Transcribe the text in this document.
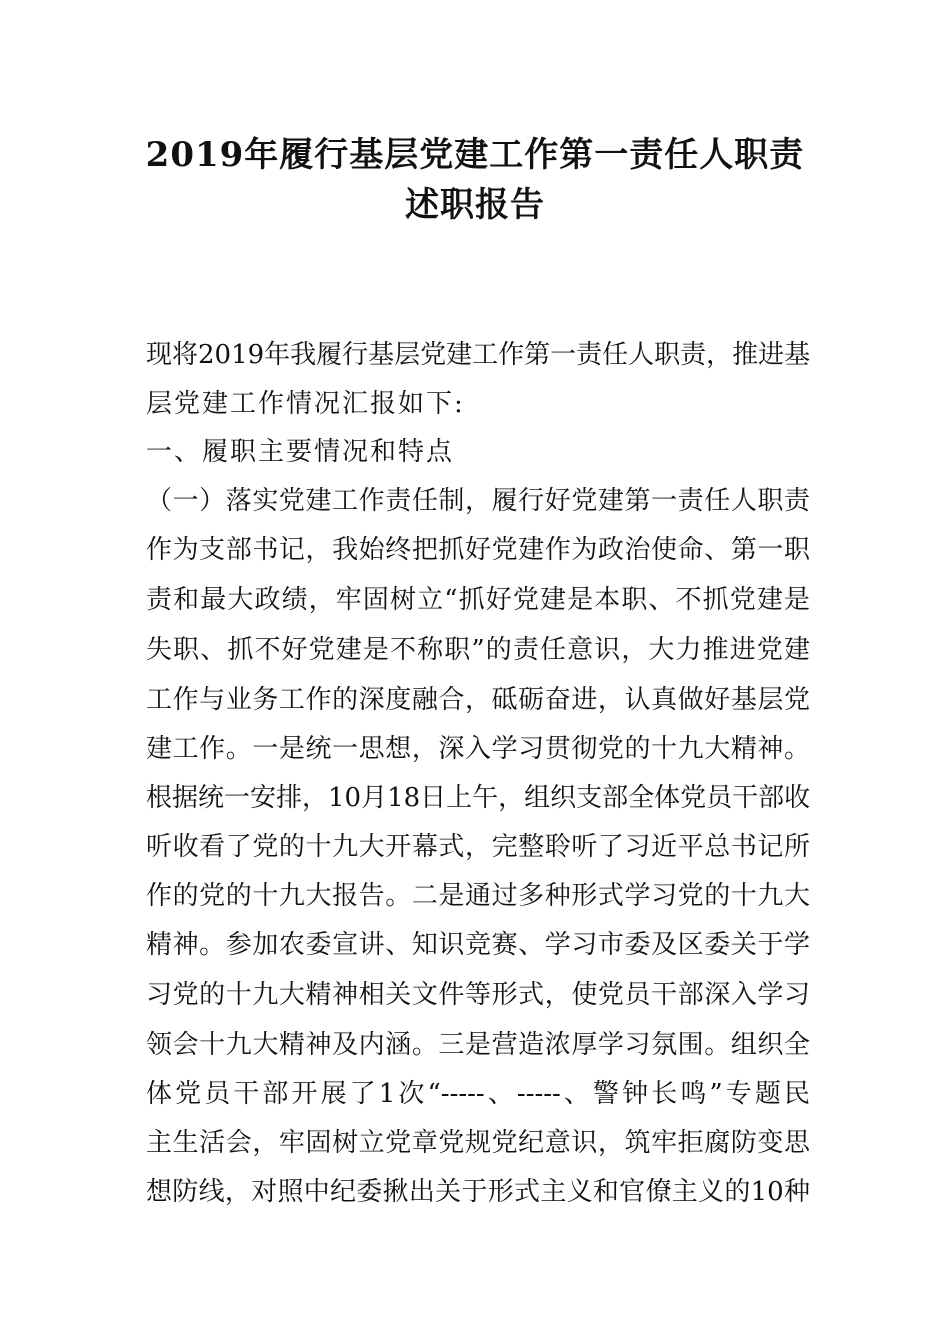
2019年履行基层党建工作第一责任人职责
述职报告
现将2019年我履行基层党建工作第一责任人职责，推进基
层党建工作情况汇报如下:
一、履职主要情况和特点
（一）落实党建工作责任制，履行好党建第一责任人职责
作为支部书记，我始终把抓好党建作为政治使命、第一职
责和最大政绩，牢固树立“抓好党建是本职、不抓党建是
失职、抓不好党建是不称职”的责任意识，大力推进党建
工作与业务工作的深度融合，砥砺奋进，认真做好基层党
建工作。一是统一思想，深入学习贯彻党的十九大精神。
根据统一安排，10月18日上午，组织支部全体党员干部收
听收看了党的十九大开幕式，完整聆听了习近平总书记所
作的党的十九大报告。二是通过多种形式学习党的十九大
精神。参加农委宣讲、知识竞赛、学习市委及区委关于学
习党的十九大精神相关文件等形式，使党员干部深入学习
领会十九大精神及内涵。三是营造浓厚学习氛围。组织全
体党员干部开展了1次“-----、-----、警钟长鸣”专题民
主生活会，牢固树立党章党规党纪意识，筑牢拒腐防变思
想防线，对照中纪委揪出关于形式主义和官僚主义的10种
